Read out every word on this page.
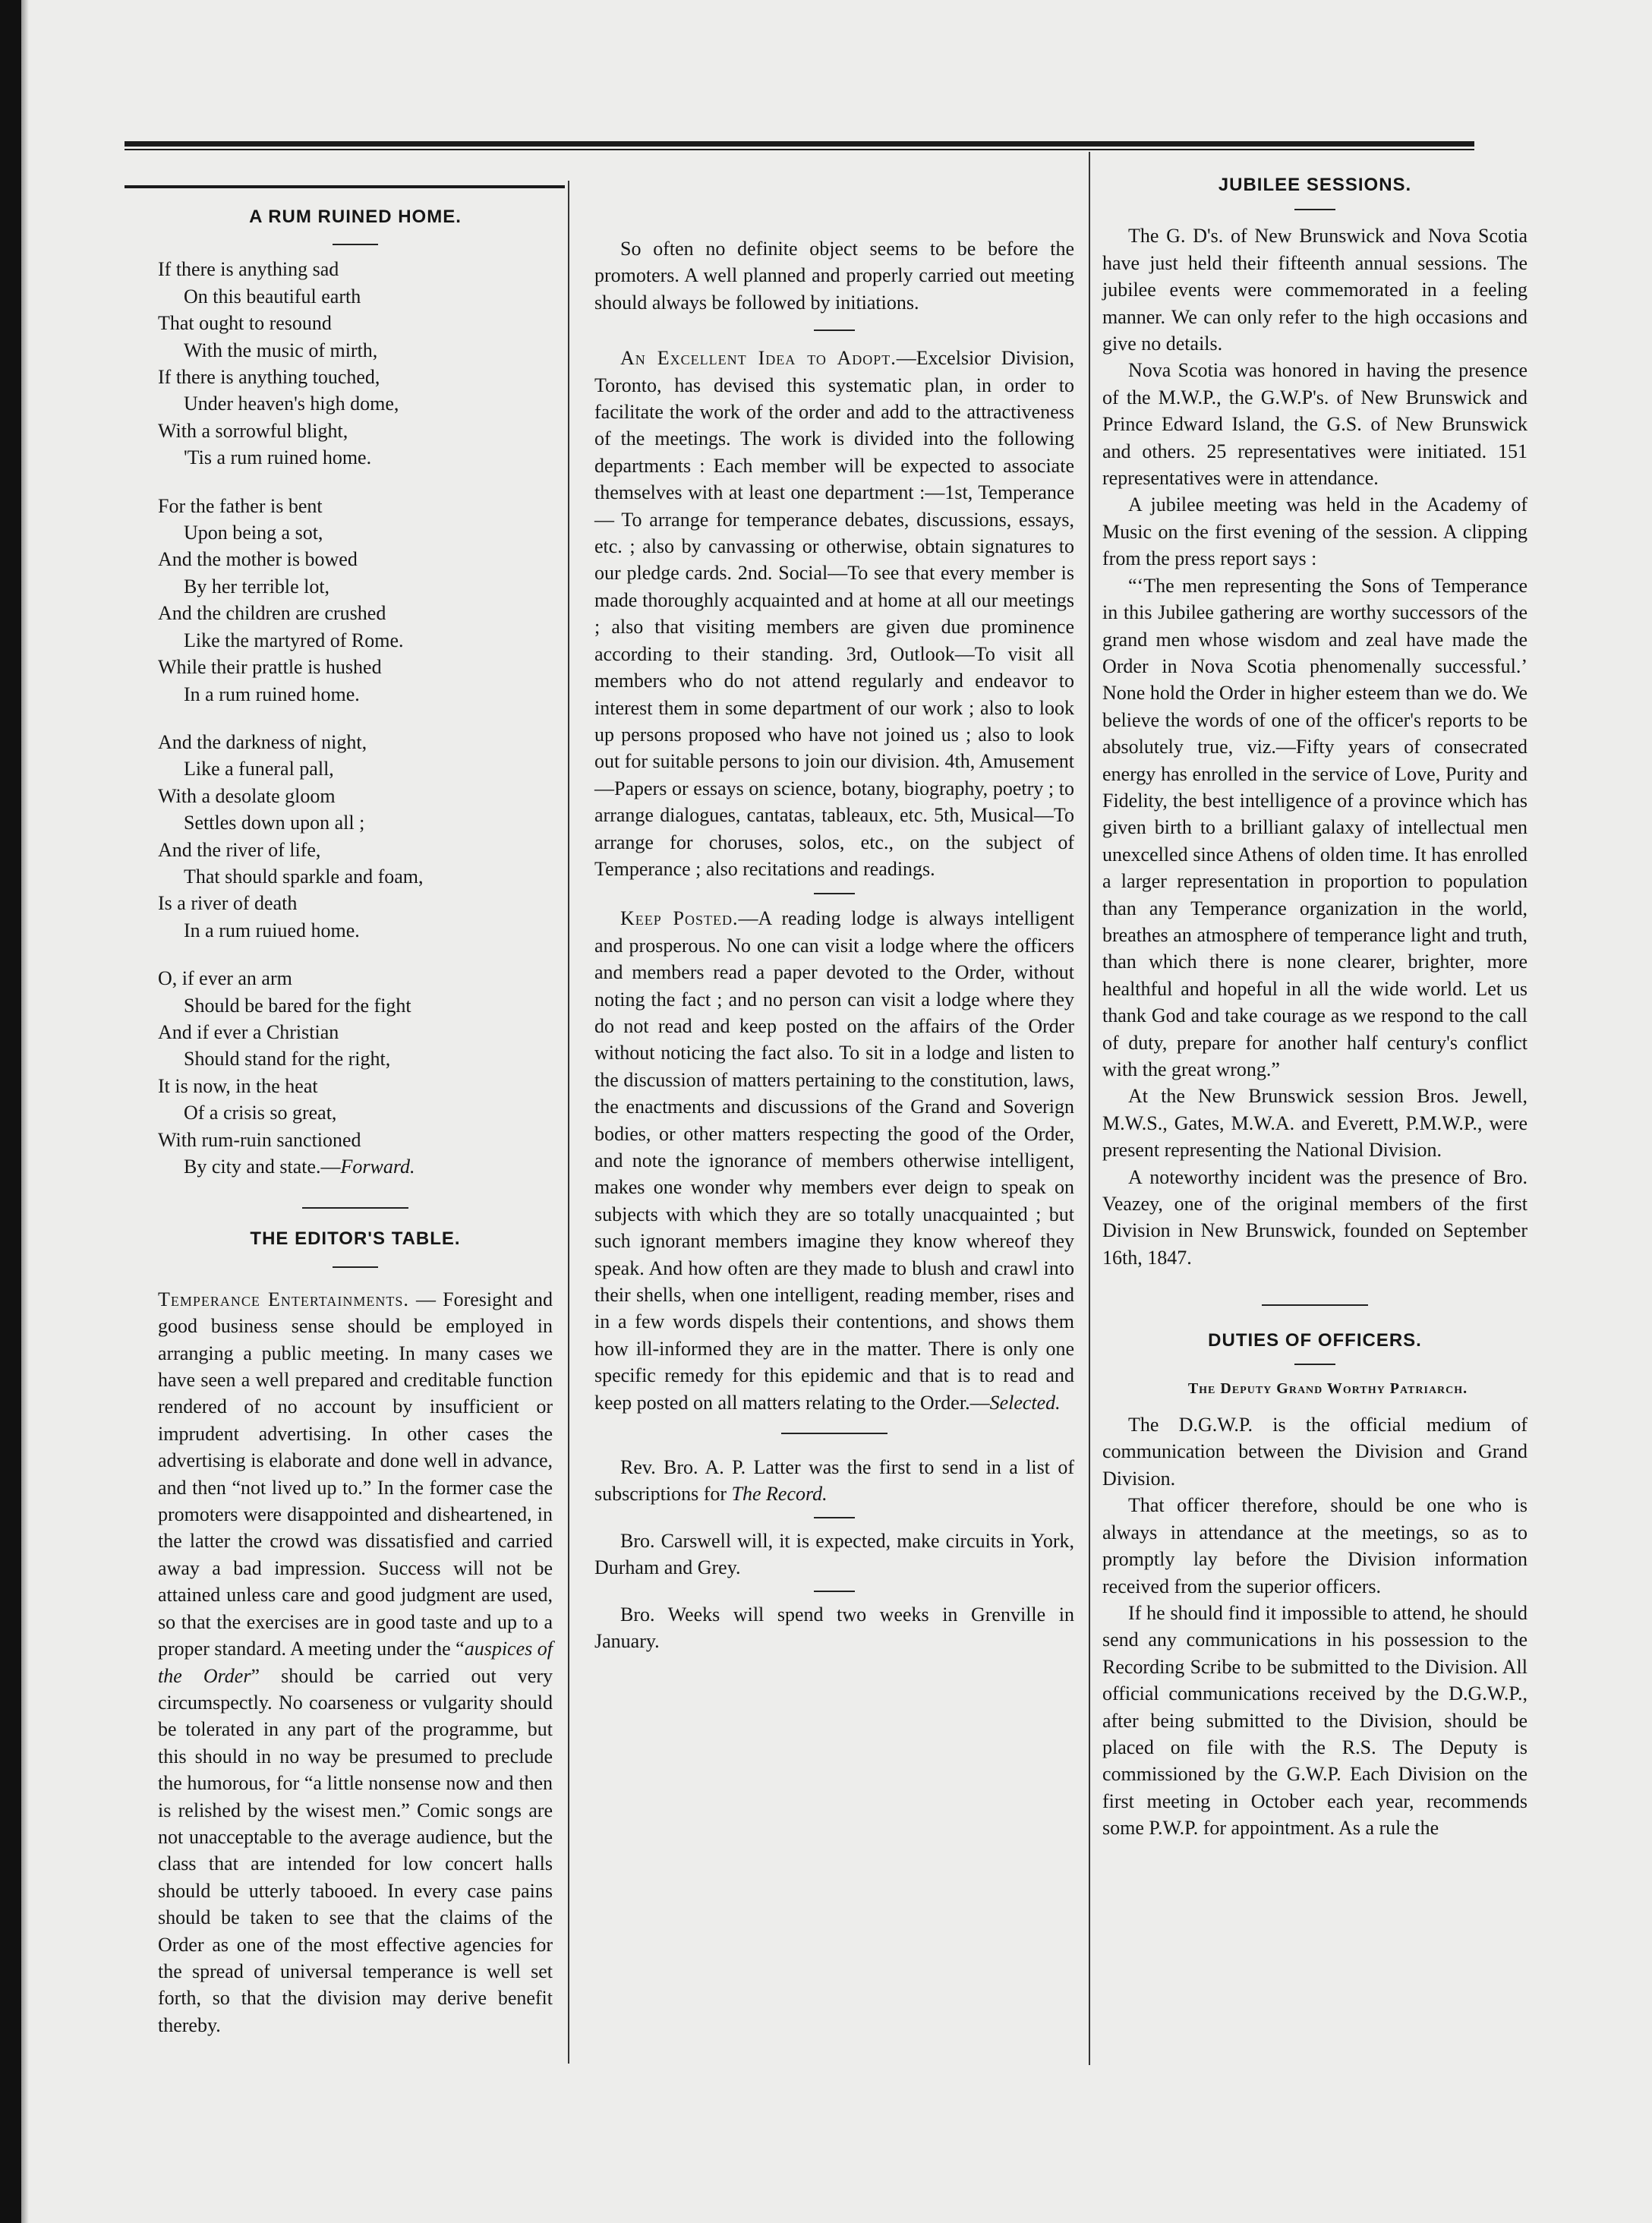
A RUM RUINED HOME.
If there is anything sad
On this beautiful earth
That ought to resound
With the music of mirth,
If there is anything touched,
Under heaven's high dome,
With a sorrowful blight,
'Tis a rum ruined home.
For the father is bent
Upon being a sot,
And the mother is bowed
By her terrible lot,
And the children are crushed
Like the martyred of Rome.
While their prattle is hushed
In a rum ruined home.
And the darkness of night,
Like a funeral pall,
With a desolate gloom
Settles down upon all ;
And the river of life,
That should sparkle and foam,
Is a river of death
In a rum ruiued home.
O, if ever an arm
Should be bared for the fight
And if ever a Christian
Should stand for the right,
It is now, in the heat
Of a crisis so great,
With rum-ruin sanctioned
By city and state.—Forward.
THE EDITOR'S TABLE.

Temperance Entertainments. — Foresight and good business sense should be employed in arranging a public meeting. In many cases we have seen a well prepared and creditable function rendered of no account by insufficient or imprudent advertising. In other cases the advertising is elaborate and done well in advance, and then “not lived up to.” In the former case the promoters were disappointed and disheartened, in the latter the crowd was dissatisfied and carried away a bad impression. Success will not be attained unless care and good judgment are used, so that the exercises are in good taste and up to a proper standard. A meeting under the “auspices of the Order” should be carried out very circumspectly. No coarseness or vulgarity should be tolerated in any part of the programme, but this should in no way be presumed to preclude the humorous, for “a little nonsense now and then is relished by the wisest men.” Comic songs are not unacceptable to the average audience, but the class that are intended for low concert halls should be utterly tabooed. In every case pains should be taken to see that the claims of the Order as one of the most effective agencies for the spread of universal temperance is well set forth, so that the division may derive benefit thereby.

So often no definite object seems to be before the promoters. A well planned and properly carried out meeting should always be followed by initiations.

An Excellent Idea to Adopt.—Excelsior Division, Toronto, has devised this systematic plan, in order to facilitate the work of the order and add to the attractiveness of the meetings. The work is divided into the following departments : Each member will be expected to associate themselves with at least one department :—1st, Temperance — To arrange for temperance debates, discussions, essays, etc. ; also by canvassing or otherwise, obtain signatures to our pledge cards. 2nd. Social—To see that every member is made thoroughly acquainted and at home at all our meetings ; also that visiting members are given due prominence according to their standing. 3rd, Outlook—To visit all members who do not attend regularly and endeavor to interest them in some department of our work ; also to look up persons proposed who have not joined us ; also to look out for suitable persons to join our division. 4th, Amusement—Papers or essays on science, botany, biography, poetry ; to arrange dialogues, cantatas, tableaux, etc. 5th, Musical—To arrange for choruses, solos, etc., on the subject of Temperance ; also recitations and readings.

Keep Posted.—A reading lodge is always intelligent and prosperous. No one can visit a lodge where the officers and members read a paper devoted to the Order, without noting the fact ; and no person can visit a lodge where they do not read and keep posted on the affairs of the Order without noticing the fact also. To sit in a lodge and listen to the discussion of matters pertaining to the constitution, laws, the enactments and discussions of the Grand and Soverign bodies, or other matters respecting the good of the Order, and note the ignorance of members otherwise intelligent, makes one wonder why members ever deign to speak on subjects with which they are so totally unacquainted ; but such ignorant members imagine they know whereof they speak. And how often are they made to blush and crawl into their shells, when one intelligent, reading member, rises and in a few words dispels their contentions, and shows them how ill-informed they are in the matter. There is only one specific remedy for this epidemic and that is to read and keep posted on all matters relating to the Order.—Selected.

Rev. Bro. A. P. Latter was the first to send in a list of subscriptions for The Record.

Bro. Carswell will, it is expected, make circuits in York, Durham and Grey.

Bro. Weeks will spend two weeks in Grenville in January.

JUBILEE SESSIONS.

The G. D's. of New Brunswick and Nova Scotia have just held their fifteenth annual sessions. The jubilee events were commemorated in a feeling manner. We can only refer to the high occasions and give no details.

Nova Scotia was honored in having the presence of the M.W.P., the G.W.P's. of New Brunswick and Prince Edward Island, the G.S. of New Brunswick and others. 25 representatives were initiated. 151 representatives were in attendance.

A jubilee meeting was held in the Academy of Music on the first evening of the session. A clipping from the press report says :

“‘The men representing the Sons of Temperance in this Jubilee gathering are worthy successors of the grand men whose wisdom and zeal have made the Order in Nova Scotia phenomenally successful.’ None hold the Order in higher esteem than we do. We believe the words of one of the officer's reports to be absolutely true, viz.—Fifty years of consecrated energy has enrolled in the service of Love, Purity and Fidelity, the best intelligence of a province which has given birth to a brilliant galaxy of intellectual men unexcelled since Athens of olden time. It has enrolled a larger representation in proportion to population than any Temperance organization in the world, breathes an atmosphere of temperance light and truth, than which there is none clearer, brighter, more healthful and hopeful in all the wide world. Let us thank God and take courage as we respond to the call of duty, prepare for another half century's conflict with the great wrong.”

At the New Brunswick session Bros. Jewell, M.W.S., Gates, M.W.A. and Everett, P.M.W.P., were present representing the National Division.

A noteworthy incident was the presence of Bro. Veazey, one of the original members of the first Division in New Brunswick, founded on September 16th, 1847.

DUTIES OF OFFICERS.

The Deputy Grand Worthy Patriarch.

The D.G.W.P. is the official medium of communication between the Division and Grand Division.

That officer therefore, should be one who is always in attendance at the meetings, so as to promptly lay before the Division information received from the superior officers.

If he should find it impossible to attend, he should send any communications in his possession to the Recording Scribe to be submitted to the Division. All official communications received by the D.G.W.P., after being submitted to the Division, should be placed on file with the R.S. The Deputy is commissioned by the G.W.P. Each Division on the first meeting in October each year, recommends some P.W.P. for appointment. As a rule the
